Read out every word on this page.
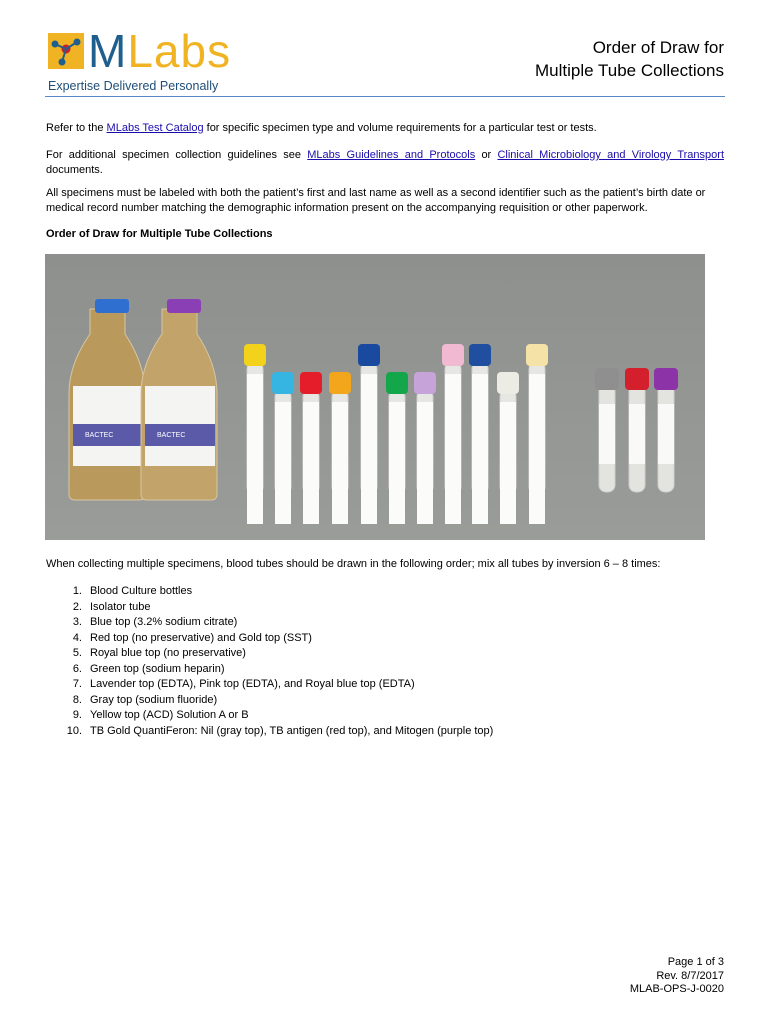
MLabs
Expertise Delivered Personally
Order of Draw for
Multiple Tube Collections
Refer to the MLabs Test Catalog for specific specimen type and volume requirements for a particular test or tests.
For additional specimen collection guidelines see MLabs Guidelines and Protocols or Clinical Microbiology and Virology Transport documents.
All specimens must be labeled with both the patient’s first and last name as well as a second identifier such as the patient’s birth date or medical record number matching the demographic information present on the accompanying requisition or other paperwork.
Order of Draw for Multiple Tube Collections
BACTEC	BACTEC
When collecting multiple specimens, blood tubes should be drawn in the following order; mix all tubes by inversion 6 – 8 times:
1. Blood Culture bottles
2. Isolator tube
3. Blue top (3.2% sodium citrate)
4. Red top (no preservative) and Gold top (SST)
5. Royal blue top (no preservative)
6. Green top (sodium heparin)
7. Lavender top (EDTA), Pink top (EDTA), and Royal blue top (EDTA)
8. Gray top (sodium fluoride)
9. Yellow top (ACD) Solution A or B
10. TB Gold QuantiFeron: Nil (gray top), TB antigen (red top), and Mitogen (purple top)
Page 1 of 3
Rev. 8/7/2017
MLAB-OPS-J-0020
